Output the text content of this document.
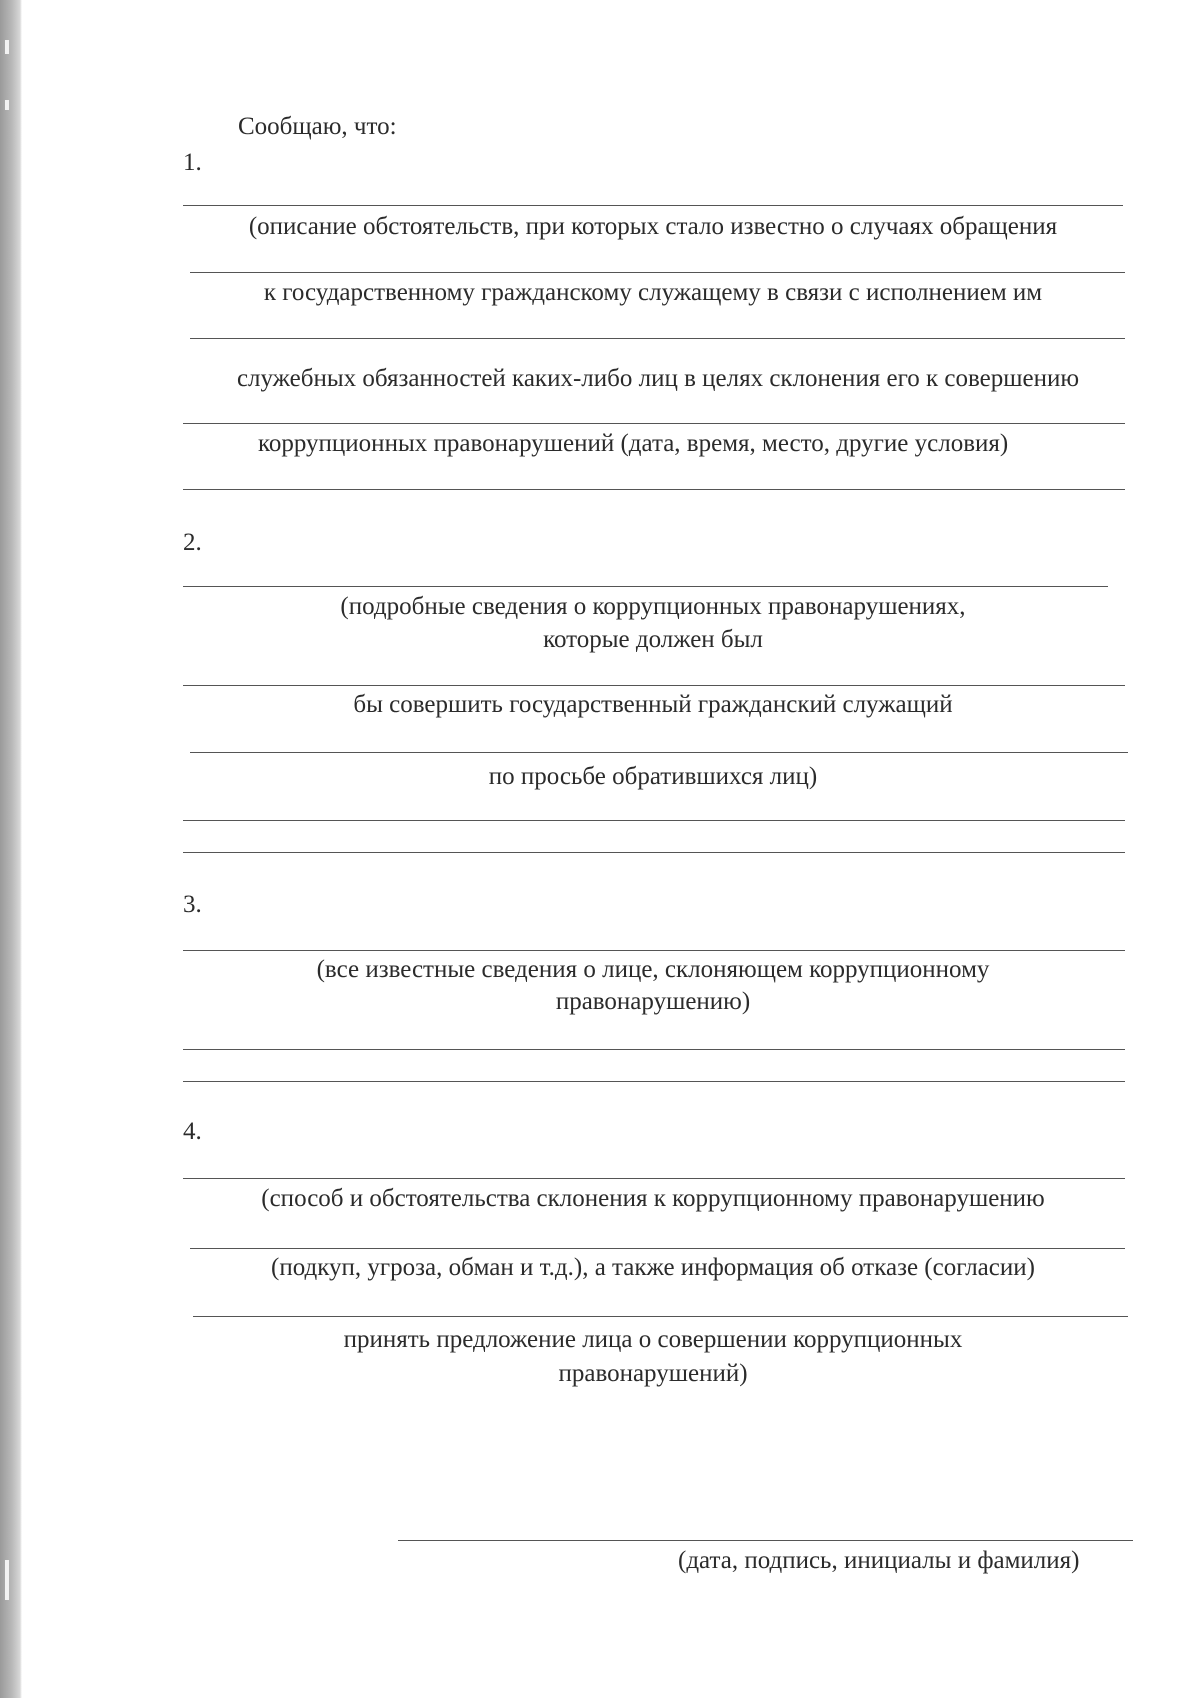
Сообщаю, что:
1.
(описание обстоятельств, при которых стало известно о случаях обращения
к государственному гражданскому служащему в связи с исполнением им
служебных обязанностей каких-либо лиц в целях склонения его к совершению
коррупционных правонарушений (дата, время, место, другие условия)
2.
(подробные сведения о коррупционных правонарушениях,
которые должен был
бы совершить государственный гражданский служащий
по просьбе обратившихся лиц)
3.
(все известные сведения о лице, склоняющем коррупционному
правонарушению)
4.
(способ и обстоятельства склонения к коррупционному правонарушению
(подкуп, угроза, обман и т.д.), а также информация об отказе (согласии)
принять предложение лица о совершении коррупционных
правонарушений)
(дата, подпись, инициалы и фамилия)
